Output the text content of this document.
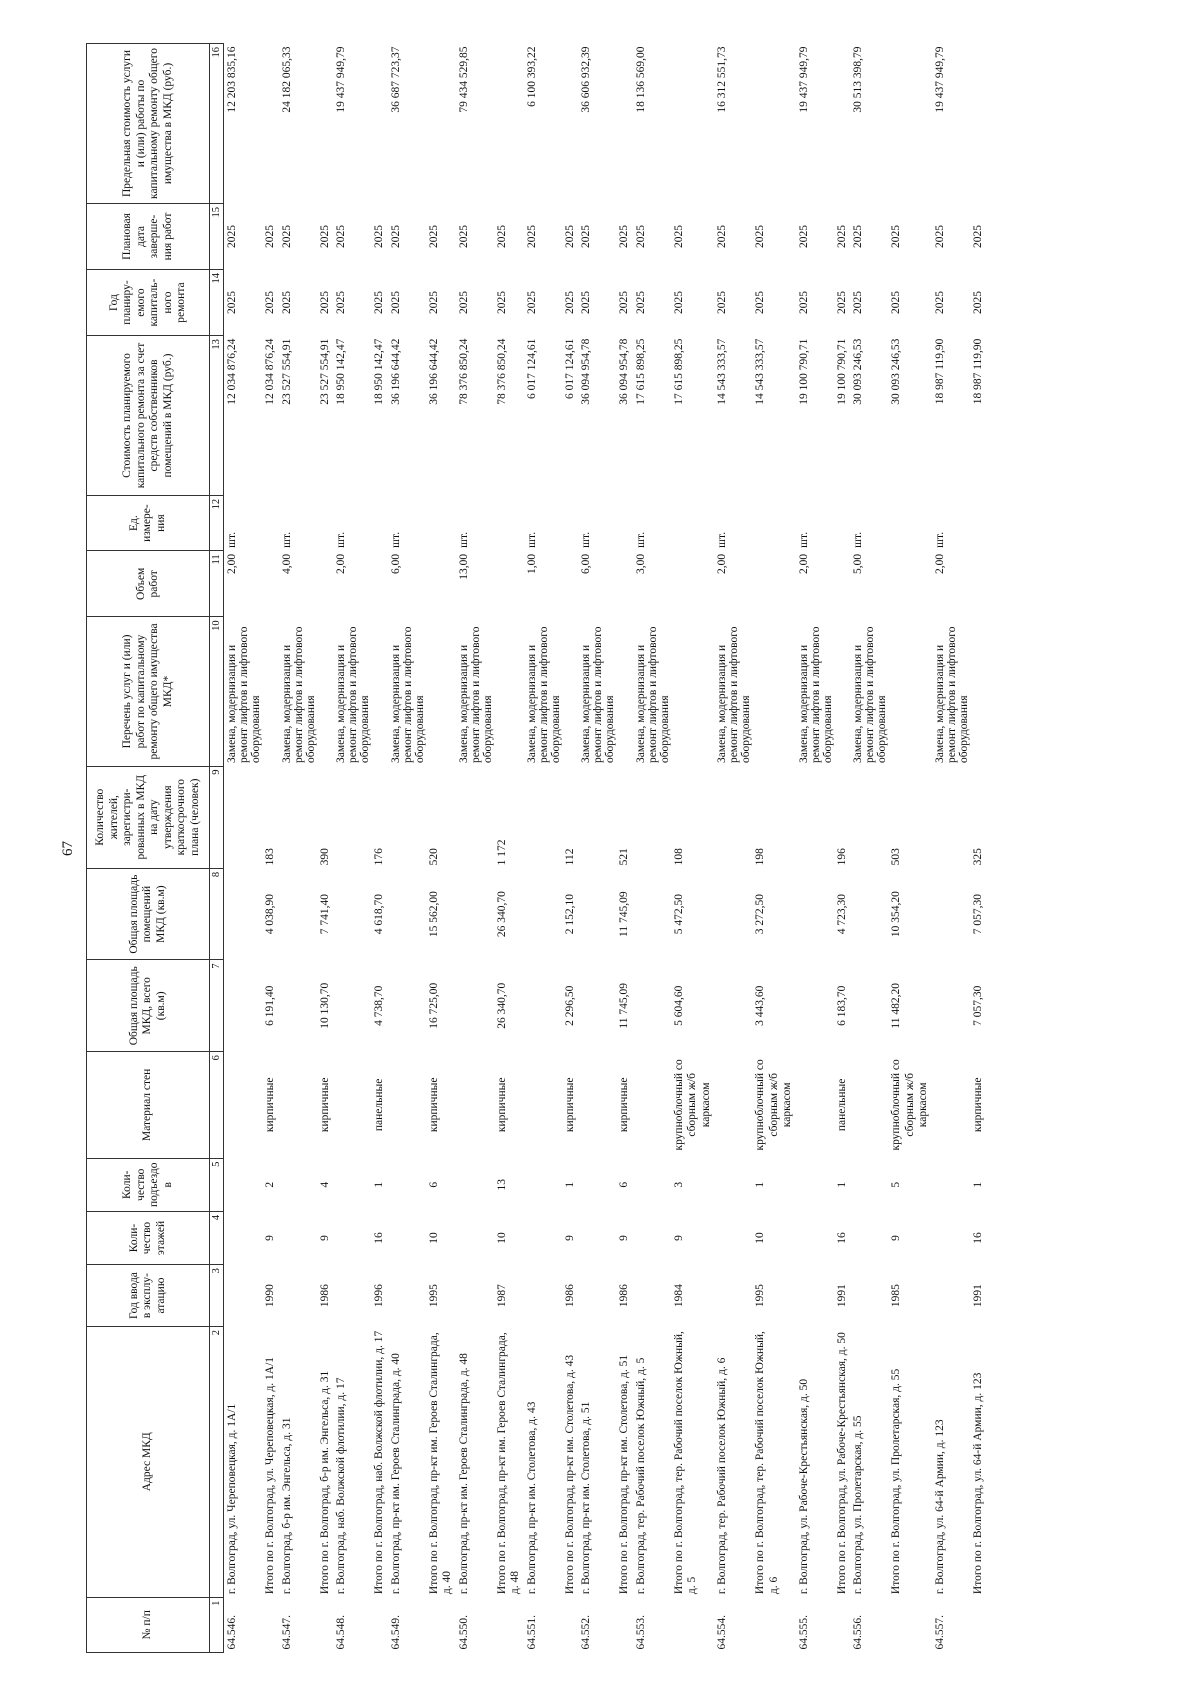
67
№ п/п	Адрес МКД	Год ввода в эксплу-атацию	Коли-чество этажей	Коли-чество подъездо в	Материал стен	Общая площадь МКД, всего (кв.м)	Общая площадь помещений МКД (кв.м)	Количество жителей, зарегистри-рованных в МКД на дату утверждения краткосрочного плана (человек)	Перечень услуг и (или) работ по капитальному ремонту общего имущества МКД*	Объем работ	Ед. измере-ния	Стоимость планируемого капитального ремонта за счет средств собственников помещений в МКД (руб.)	Год планиру-емого капиталь-ного ремонта	Плановая дата заверше-ния работ	Предельная стоимость услуги и (или) работы по капитальному ремонту общего имущества в МКД (руб.)
1	2	3	4	5	6	7	8	9	10	11	12	13	14	15	16
64.546.	г. Волгоград, ул. Череповецкая, д. 1А/1								Замена, модернизация и ремонт лифтов и лифтового оборудования	2,00	шт.	12 034 876,24	2025	2025	12 203 835,16
	Итого по г. Волгоград, ул. Череповецкая, д. 1А/1	1990	9	2	кирпичные	6 191,40	4 038,90	183				12 034 876,24	2025	2025	
64.547.	г. Волгоград, б-р им. Энгельса, д. 31								Замена, модернизация и ремонт лифтов и лифтового оборудования	4,00	шт.	23 527 554,91	2025	2025	24 182 065,33
	Итого по г. Волгоград, б-р им. Энгельса, д. 31	1986	9	4	кирпичные	10 130,70	7 741,40	390				23 527 554,91	2025	2025	
64.548.	г. Волгоград, наб. Волжской флотилии, д. 17								Замена, модернизация и ремонт лифтов и лифтового оборудования	2,00	шт.	18 950 142,47	2025	2025	19 437 949,79
	Итого по г. Волгоград, наб. Волжской флотилии, д. 17	1996	16	1	панельные	4 738,70	4 618,70	176				18 950 142,47	2025	2025	
64.549.	г. Волгоград, пр-кт им. Героев Сталинграда, д. 40								Замена, модернизация и ремонт лифтов и лифтового оборудования	6,00	шт.	36 196 644,42	2025	2025	36 687 723,37
	Итого по г. Волгоград, пр-кт им. Героев Сталинграда, д. 40	1995	10	6	кирпичные	16 725,00	15 562,00	520				36 196 644,42	2025	2025	
64.550.	г. Волгоград, пр-кт им. Героев Сталинграда, д. 48								Замена, модернизация и ремонт лифтов и лифтового оборудования	13,00	шт.	78 376 850,24	2025	2025	79 434 529,85
	Итого по г. Волгоград, пр-кт им. Героев Сталинграда, д. 48	1987	10	13	кирпичные	26 340,70	26 340,70	1 172				78 376 850,24	2025	2025	
64.551.	г. Волгоград, пр-кт им. Столетова, д. 43								Замена, модернизация и ремонт лифтов и лифтового оборудования	1,00	шт.	6 017 124,61	2025	2025	6 100 393,22
	Итого по г. Волгоград, пр-кт им. Столетова, д. 43	1986	9	1	кирпичные	2 296,50	2 152,10	112				6 017 124,61	2025	2025	
64.552.	г. Волгоград, пр-кт им. Столетова, д. 51								Замена, модернизация и ремонт лифтов и лифтового оборудования	6,00	шт.	36 094 954,78	2025	2025	36 606 932,39
	Итого по г. Волгоград, пр-кт им. Столетова, д. 51	1986	9	6	кирпичные	11 745,09	11 745,09	521				36 094 954,78	2025	2025	
64.553.	г. Волгоград, тер. Рабочий поселок Южный, д. 5								Замена, модернизация и ремонт лифтов и лифтового оборудования	3,00	шт.	17 615 898,25	2025	2025	18 136 569,00
	Итого по г. Волгоград, тер. Рабочий поселок Южный, д. 5	1984	9	3	крупноблочный со сборным ж/б каркасом	5 604,60	5 472,50	108				17 615 898,25	2025	2025	
64.554.	г. Волгоград, тер. Рабочий поселок Южный, д. 6								Замена, модернизация и ремонт лифтов и лифтового оборудования	2,00	шт.	14 543 333,57	2025	2025	16 312 551,73
	Итого по г. Волгоград, тер. Рабочий поселок Южный, д. 6	1995	10	1	крупноблочный со сборным ж/б каркасом	3 443,60	3 272,50	198				14 543 333,57	2025	2025	
64.555.	г. Волгоград, ул. Рабоче-Крестьянская, д. 50								Замена, модернизация и ремонт лифтов и лифтового оборудования	2,00	шт.	19 100 790,71	2025	2025	19 437 949,79
	Итого по г. Волгоград, ул. Рабоче-Крестьянская, д. 50	1991	16	1	панельные	6 183,70	4 723,30	196				19 100 790,71	2025	2025	
64.556.	г. Волгоград, ул. Пролетарская, д. 55								Замена, модернизация и ремонт лифтов и лифтового оборудования	5,00	шт.	30 093 246,53	2025	2025	30 513 398,79
	Итого по г. Волгоград, ул. Пролетарская, д. 55	1985	9	5	крупноблочный со сборным ж/б каркасом	11 482,20	10 354,20	503				30 093 246,53	2025	2025	
64.557.	г. Волгоград, ул. 64-й Армии, д. 123								Замена, модернизация и ремонт лифтов и лифтового оборудования	2,00	шт.	18 987 119,90	2025	2025	19 437 949,79
	Итого по г. Волгоград, ул. 64-й Армии, д. 123	1991	16	1	кирпичные	7 057,30	7 057,30	325				18 987 119,90	2025	2025	
